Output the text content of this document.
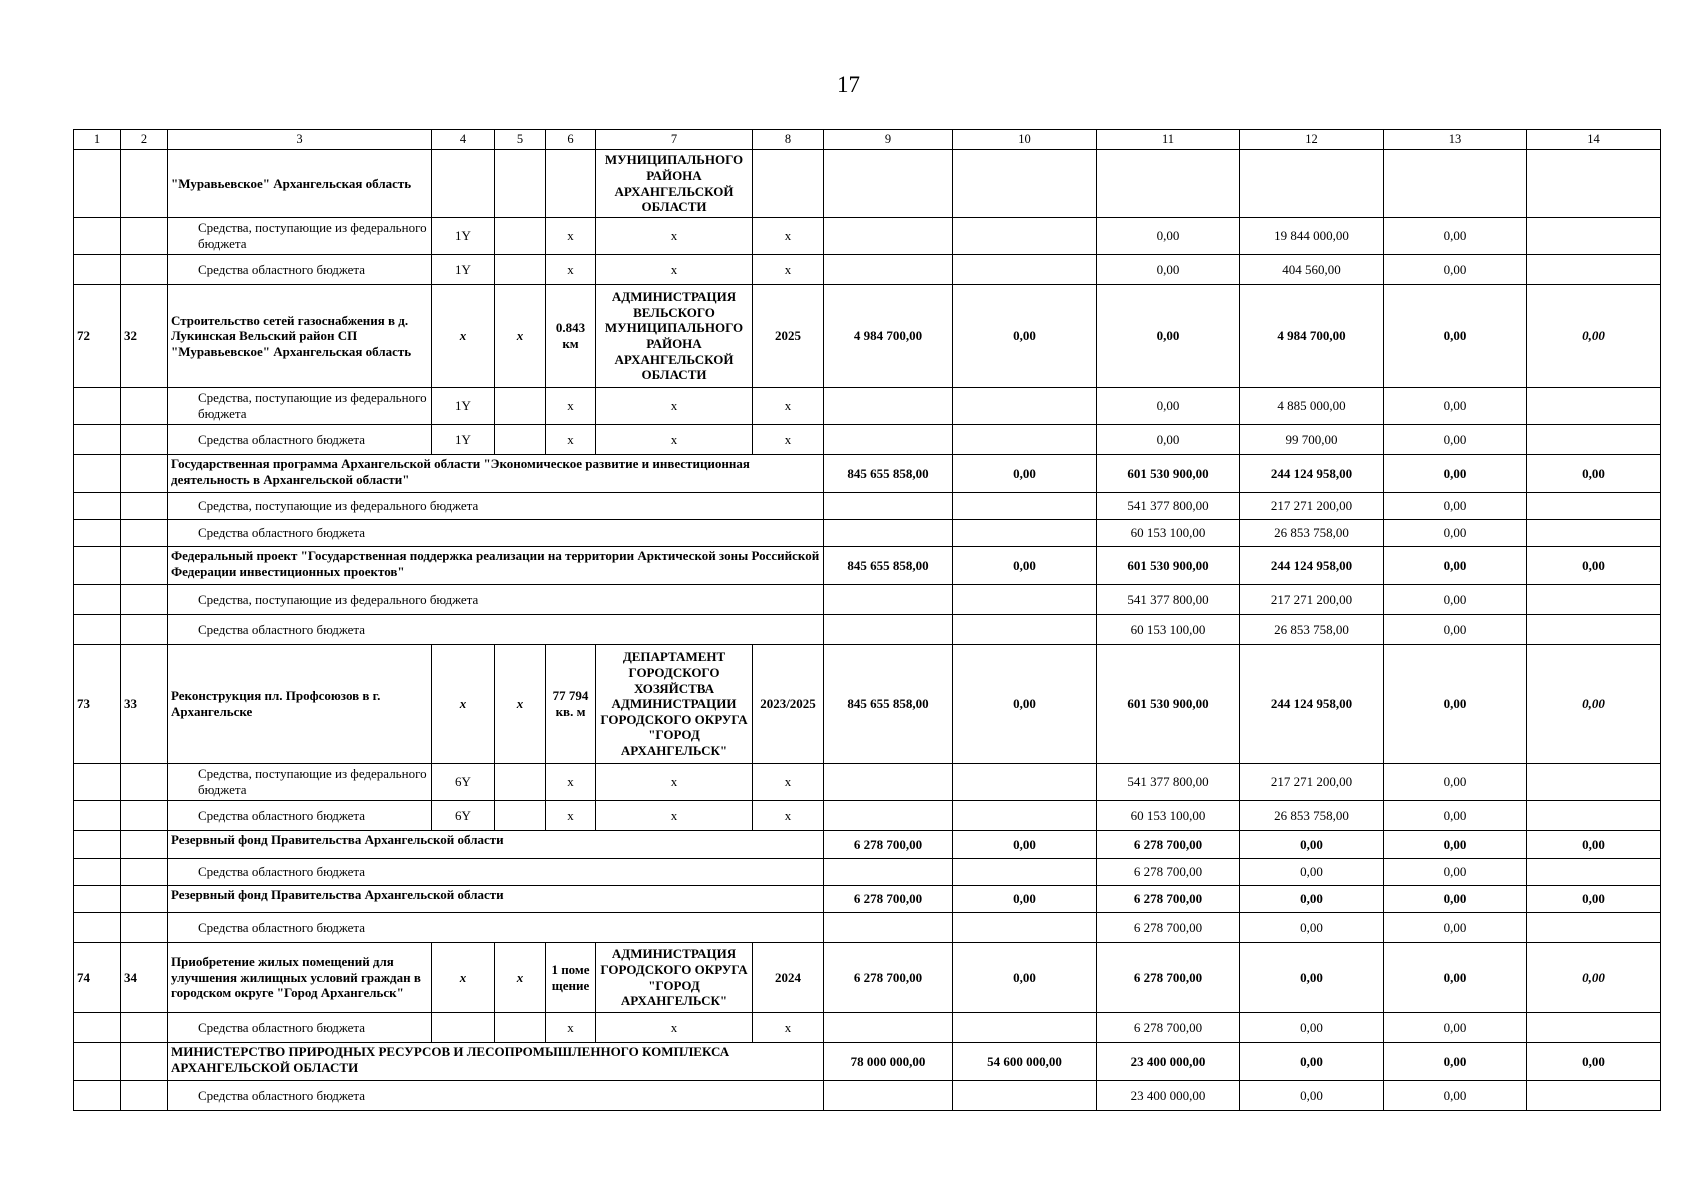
17
1	2	3	4	5	6	7	8	9	10	11	12	13	14
		"Муравьевское" Архангельская область				МУНИЦИПАЛЬНОГО РАЙОНА АРХАНГЕЛЬСКОЙ ОБЛАСТИ							
		Средства, поступающие из федерального бюджета	1Y		х	х	х			0,00	19 844 000,00	0,00	
		Средства областного бюджета	1Y		х	х	х			0,00	404 560,00	0,00	
72	32	Строительство сетей газоснабжения в д. Лукинская Вельский район СП "Муравьевское" Архангельская область	x	x	0.843 км	АДМИНИСТРАЦИЯ ВЕЛЬСКОГО МУНИЦИПАЛЬНОГО РАЙОНА АРХАНГЕЛЬСКОЙ ОБЛАСТИ	2025	4 984 700,00	0,00	0,00	4 984 700,00	0,00	0,00
		Средства, поступающие из федерального бюджета	1Y		х	х	х			0,00	4 885 000,00	0,00	
		Средства областного бюджета	1Y		х	х	х			0,00	99 700,00	0,00	
		Государственная программа Архангельской области "Экономическое развитие и инвестиционная деятельность в Архангельской области"						845 655 858,00	0,00	601 530 900,00	244 124 958,00	0,00	0,00
		Средства, поступающие из федерального бюджета								541 377 800,00	217 271 200,00	0,00	
		Средства областного бюджета								60 153 100,00	26 853 758,00	0,00	
		Федеральный проект "Государственная поддержка реализации на территории Арктической зоны Российской Федерации инвестиционных проектов"						845 655 858,00	0,00	601 530 900,00	244 124 958,00	0,00	0,00
		Средства, поступающие из федерального бюджета								541 377 800,00	217 271 200,00	0,00	
		Средства областного бюджета								60 153 100,00	26 853 758,00	0,00	
73	33	Реконструкция пл. Профсоюзов в г. Архангельске	x	x	77 794 кв. м	ДЕПАРТАМЕНТ ГОРОДСКОГО ХОЗЯЙСТВА АДМИНИСТРАЦИИ ГОРОДСКОГО ОКРУГА "ГОРОД АРХАНГЕЛЬСК"	2023/2025	845 655 858,00	0,00	601 530 900,00	244 124 958,00	0,00	0,00
		Средства, поступающие из федерального бюджета	6Y		х	х	х			541 377 800,00	217 271 200,00	0,00	
		Средства областного бюджета	6Y		х	х	х			60 153 100,00	26 853 758,00	0,00	
		Резервный фонд Правительства Архангельской области						6 278 700,00	0,00	6 278 700,00	0,00	0,00	0,00
		Средства областного бюджета								6 278 700,00	0,00	0,00	
		Резервный фонд Правительства Архангельской области						6 278 700,00	0,00	6 278 700,00	0,00	0,00	0,00
		Средства областного бюджета								6 278 700,00	0,00	0,00	
74	34	Приобретение жилых помещений для улучшения жилищных условий граждан в городском округе "Город Архангельск"	x	x	1 поме щение	АДМИНИСТРАЦИЯ ГОРОДСКОГО ОКРУГА "ГОРОД АРХАНГЕЛЬСК"	2024	6 278 700,00	0,00	6 278 700,00	0,00	0,00	0,00
		Средства областного бюджета			х	х	х			6 278 700,00	0,00	0,00	
		МИНИСТЕРСТВО ПРИРОДНЫХ РЕСУРСОВ И ЛЕСОПРОМЫШЛЕННОГО КОМПЛЕКСА АРХАНГЕЛЬСКОЙ ОБЛАСТИ						78 000 000,00	54 600 000,00	23 400 000,00	0,00	0,00	0,00
		Средства областного бюджета								23 400 000,00	0,00	0,00	
